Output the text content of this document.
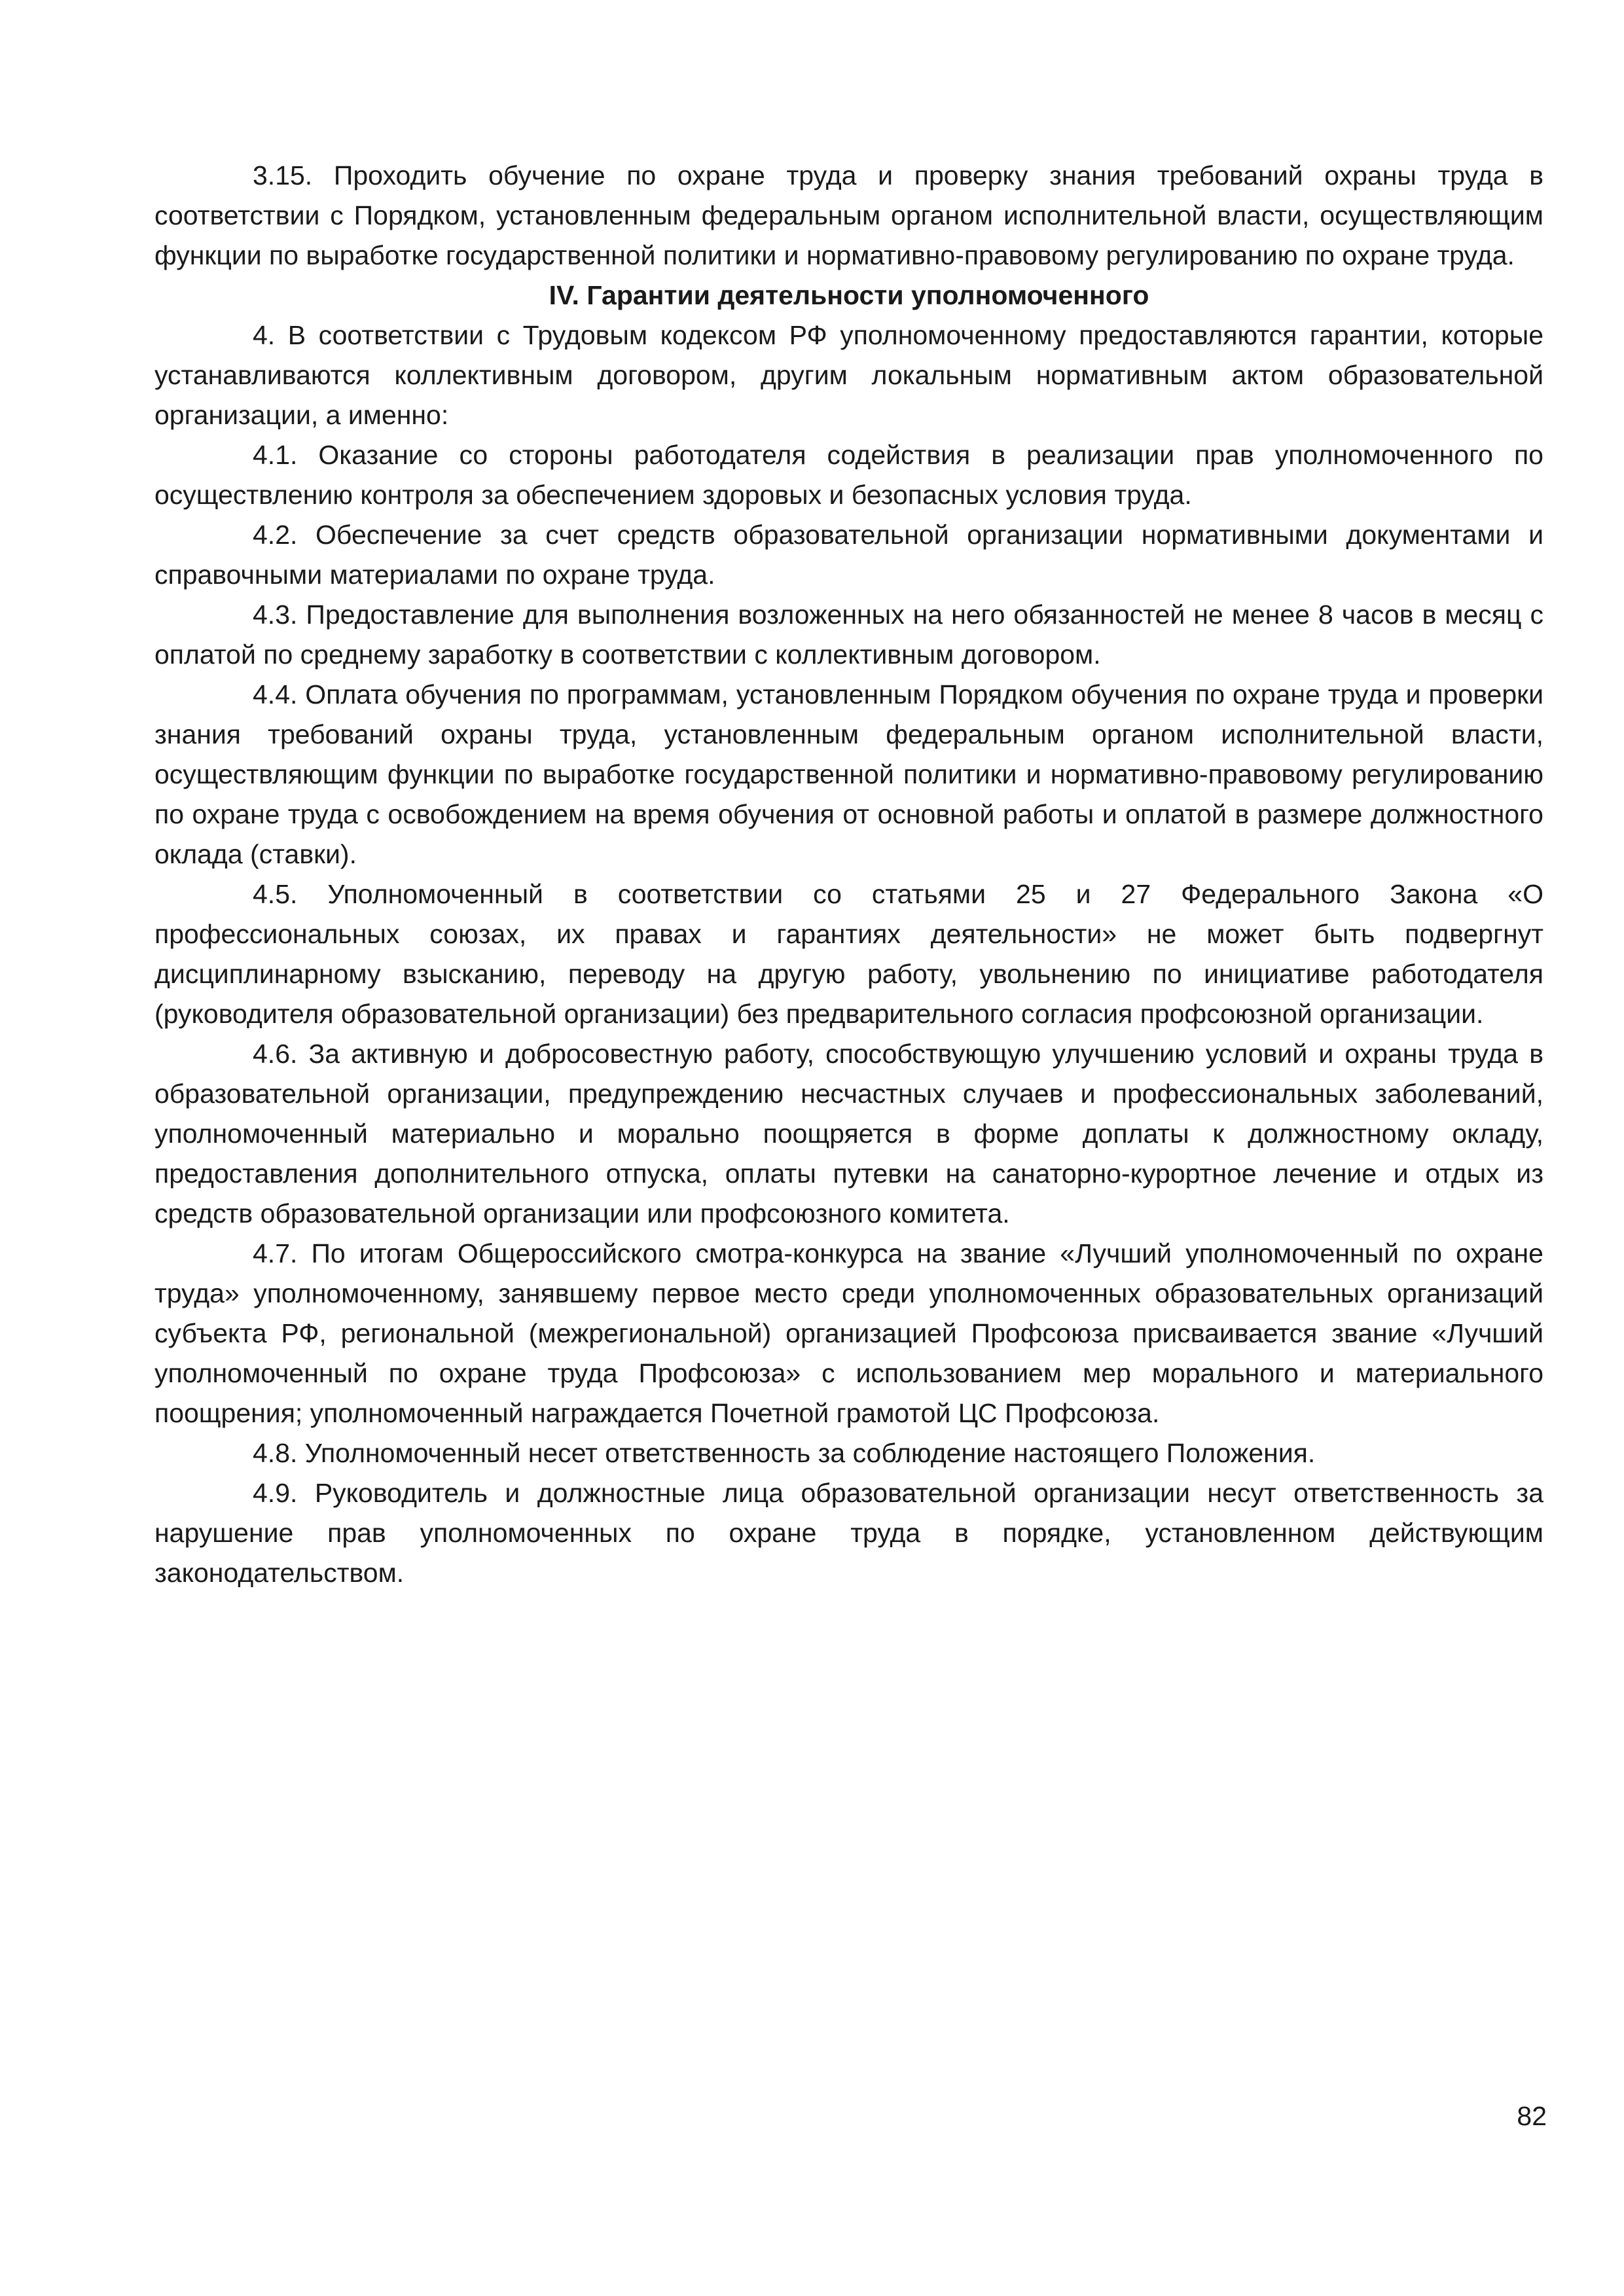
3.15. Проходить обучение по охране труда и проверку знания требований охраны труда в соответствии с Порядком, установленным федеральным органом исполнительной власти, осуществляющим функции по выработке государственной политики и нормативно-правовому регулированию по охране труда.

IV. Гарантии деятельности уполномоченного

4. В соответствии с Трудовым кодексом РФ уполномоченному предоставляются гарантии, которые устанавливаются коллективным договором, другим локальным нормативным актом образовательной организации, а именно:

4.1. Оказание со стороны работодателя содействия в реализации прав уполномоченного по осуществлению контроля за обеспечением здоровых и безопасных условия труда.

4.2. Обеспечение за счет средств образовательной организации нормативными документами и справочными материалами по охране труда.

4.3. Предоставление для выполнения возложенных на него обязанностей не менее 8 часов в месяц с оплатой по среднему заработку в соответствии с коллективным договором.

4.4. Оплата обучения по программам, установленным Порядком обучения по охране труда и проверки знания требований охраны труда, установленным федеральным органом исполнительной власти, осуществляющим функции по выработке государственной политики и нормативно-правовому регулированию по охране труда с освобождением на время обучения от основной работы и оплатой в размере должностного оклада (ставки).

4.5. Уполномоченный в соответствии со статьями 25 и 27 Федерального Закона «О профессиональных союзах, их правах и гарантиях деятельности» не может быть подвергнут дисциплинарному взысканию, переводу на другую работу, увольнению по инициативе работодателя (руководителя образовательной организации) без предварительного согласия профсоюзной организации.

4.6. За активную и добросовестную работу, способствующую улучшению условий и охраны труда в образовательной организации, предупреждению несчастных случаев и профессиональных заболеваний, уполномоченный материально и морально поощряется в форме доплаты к должностному окладу, предоставления дополнительного отпуска, оплаты путевки на санаторно-курортное лечение и отдых из средств образовательной организации или профсоюзного комитета.

4.7. По итогам Общероссийского смотра-конкурса на звание «Лучший уполномоченный по охране труда» уполномоченному, занявшему первое место среди уполномоченных образовательных организаций субъекта РФ, региональной (межрегиональной) организацией Профсоюза присваивается звание «Лучший уполномоченный по охране труда Профсоюза» с использованием мер морального и материального поощрения; уполномоченный награждается Почетной грамотой ЦС Профсоюза.

4.8. Уполномоченный несет ответственность за соблюдение настоящего Положения.

4.9. Руководитель и должностные лица образовательной организации несут ответственность за нарушение прав уполномоченных по охране труда в порядке, установленном действующим законодательством.

82
